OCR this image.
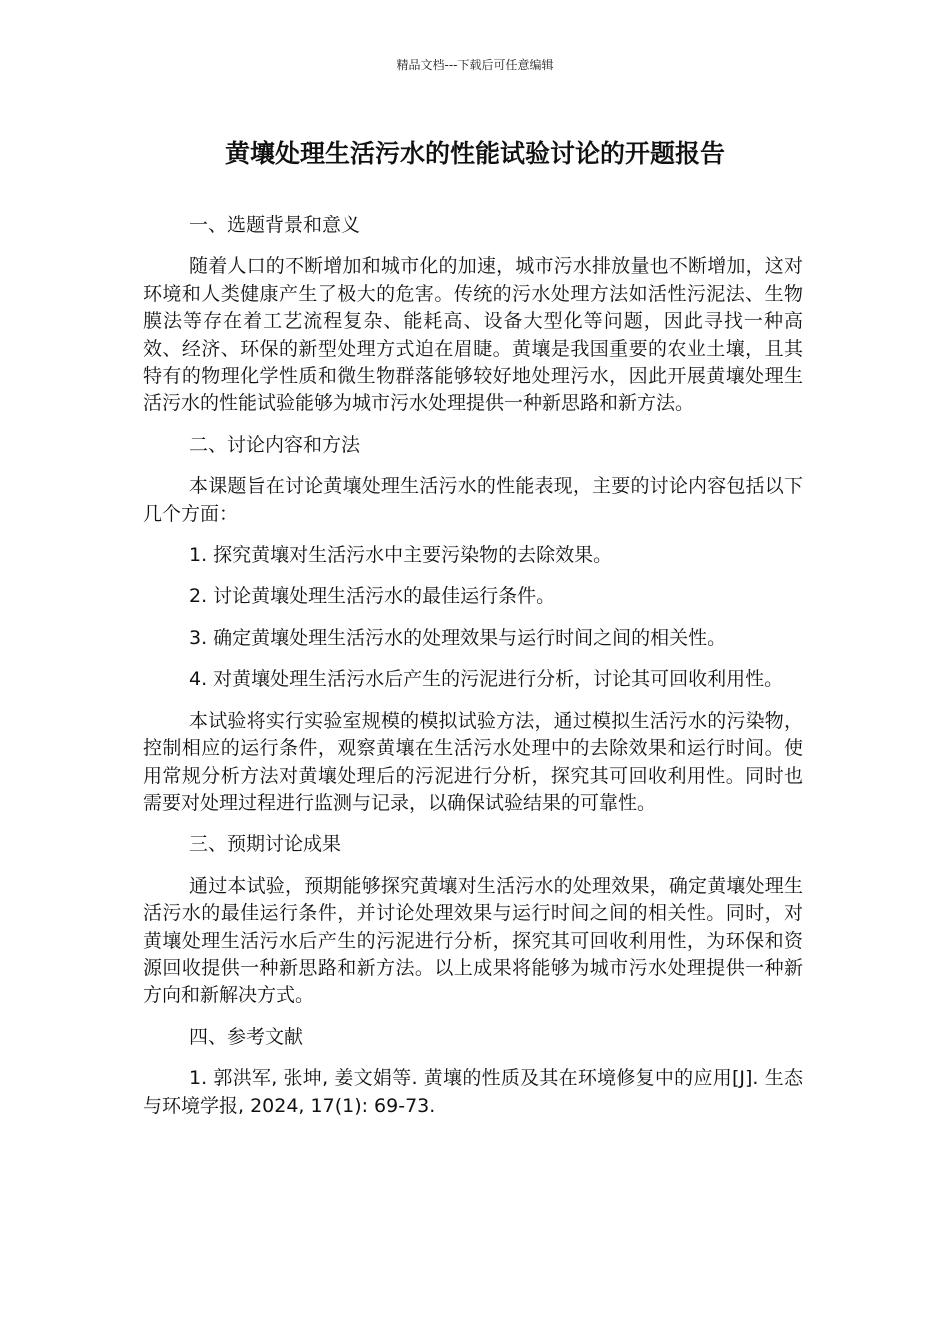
精品文档---下载后可任意编辑
黄壤处理生活污水的性能试验讨论的开题报告

一、选题背景和意义

随着人口的不断增加和城市化的加速，城市污水排放量也不断增加，这对环境和人类健康产生了极大的危害。传统的污水处理方法如活性污泥法、生物膜法等存在着工艺流程复杂、能耗高、设备大型化等问题，因此寻找一种高效、经济、环保的新型处理方式迫在眉睫。黄壤是我国重要的农业土壤，且其特有的物理化学性质和微生物群落能够较好地处理污水，因此开展黄壤处理生活污水的性能试验能够为城市污水处理提供一种新思路和新方法。

二、讨论内容和方法

本课题旨在讨论黄壤处理生活污水的性能表现，主要的讨论内容包括以下几个方面：

1. 探究黄壤对生活污水中主要污染物的去除效果。

2. 讨论黄壤处理生活污水的最佳运行条件。

3. 确定黄壤处理生活污水的处理效果与运行时间之间的相关性。

4. 对黄壤处理生活污水后产生的污泥进行分析，讨论其可回收利用性。

本试验将实行实验室规模的模拟试验方法，通过模拟生活污水的污染物，控制相应的运行条件，观察黄壤在生活污水处理中的去除效果和运行时间。使用常规分析方法对黄壤处理后的污泥进行分析，探究其可回收利用性。同时也需要对处理过程进行监测与记录，以确保试验结果的可靠性。

三、预期讨论成果

通过本试验，预期能够探究黄壤对生活污水的处理效果，确定黄壤处理生活污水的最佳运行条件，并讨论处理效果与运行时间之间的相关性。同时，对黄壤处理生活污水后产生的污泥进行分析，探究其可回收利用性，为环保和资源回收提供一种新思路和新方法。以上成果将能够为城市污水处理提供一种新方向和新解决方式。

四、参考文献

1. 郭洪军, 张坤, 姜文娟等. 黄壤的性质及其在环境修复中的应用[J]. 生态与环境学报, 2024, 17(1): 69-73.
